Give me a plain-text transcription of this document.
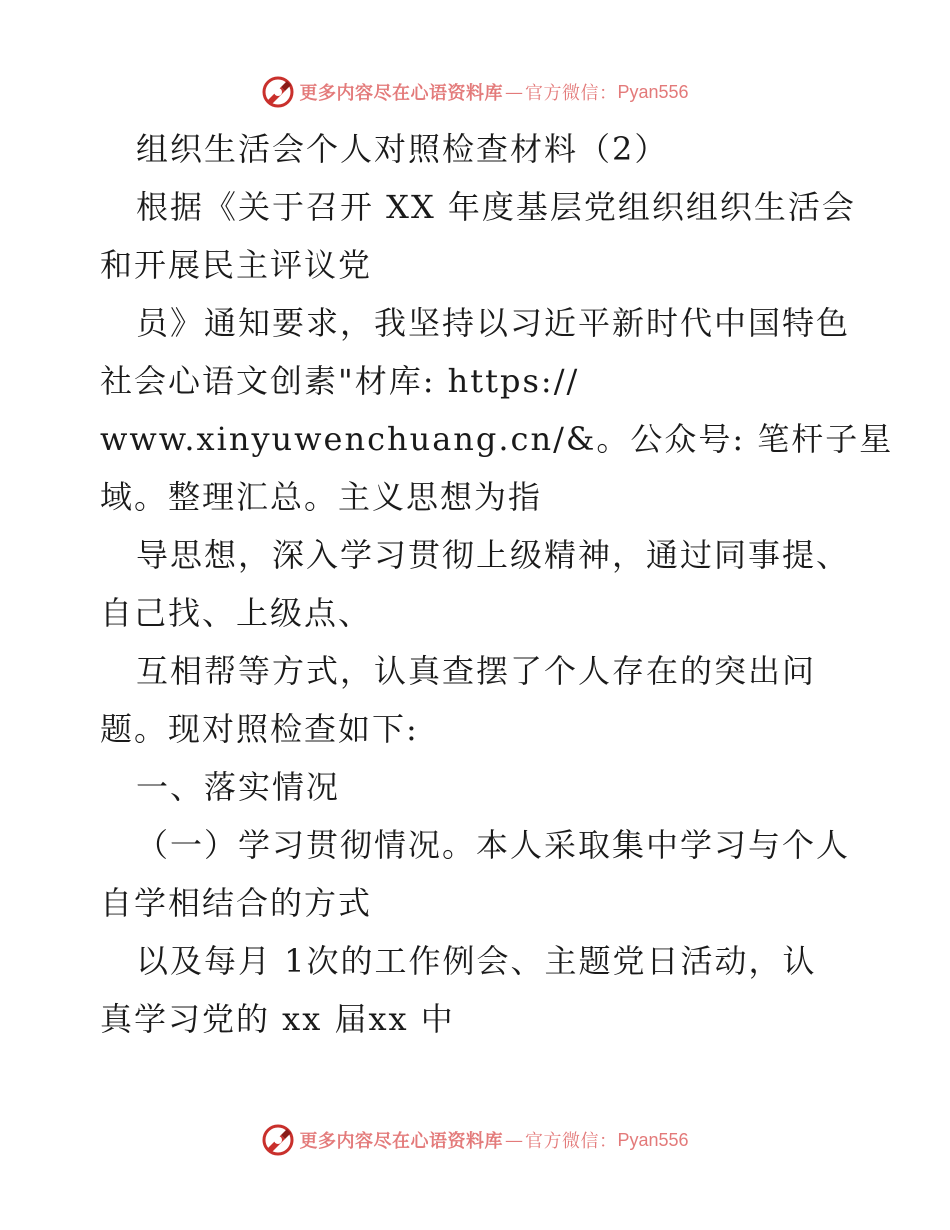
更多内容尽在心语资料库 — 官方微信： Pyan556
组织生活会个人对照检查材料（2）
根据《关于召开 XX 年度基层党组织组织生活会
和开展民主评议党
员》通知要求，我坚持以习近平新时代中国特色
社会心语文创素"材库: https://
www.xinyuwenchuang.cn/&。公众号: 笔杆子星
域。整理汇总。主义思想为指
导思想，深入学习贯彻上级精神，通过同事提、
自己找、上级点、
互相帮等方式，认真查摆了个人存在的突出问
题。现对照检查如下:
一、落实情况
（一）学习贯彻情况。本人采取集中学习与个人
自学相结合的方式
以及每月 1次的工作例会、主题党日活动，认
真学习党的 xx 届xx 中
更多内容尽在心语资料库 — 官方微信： Pyan556
